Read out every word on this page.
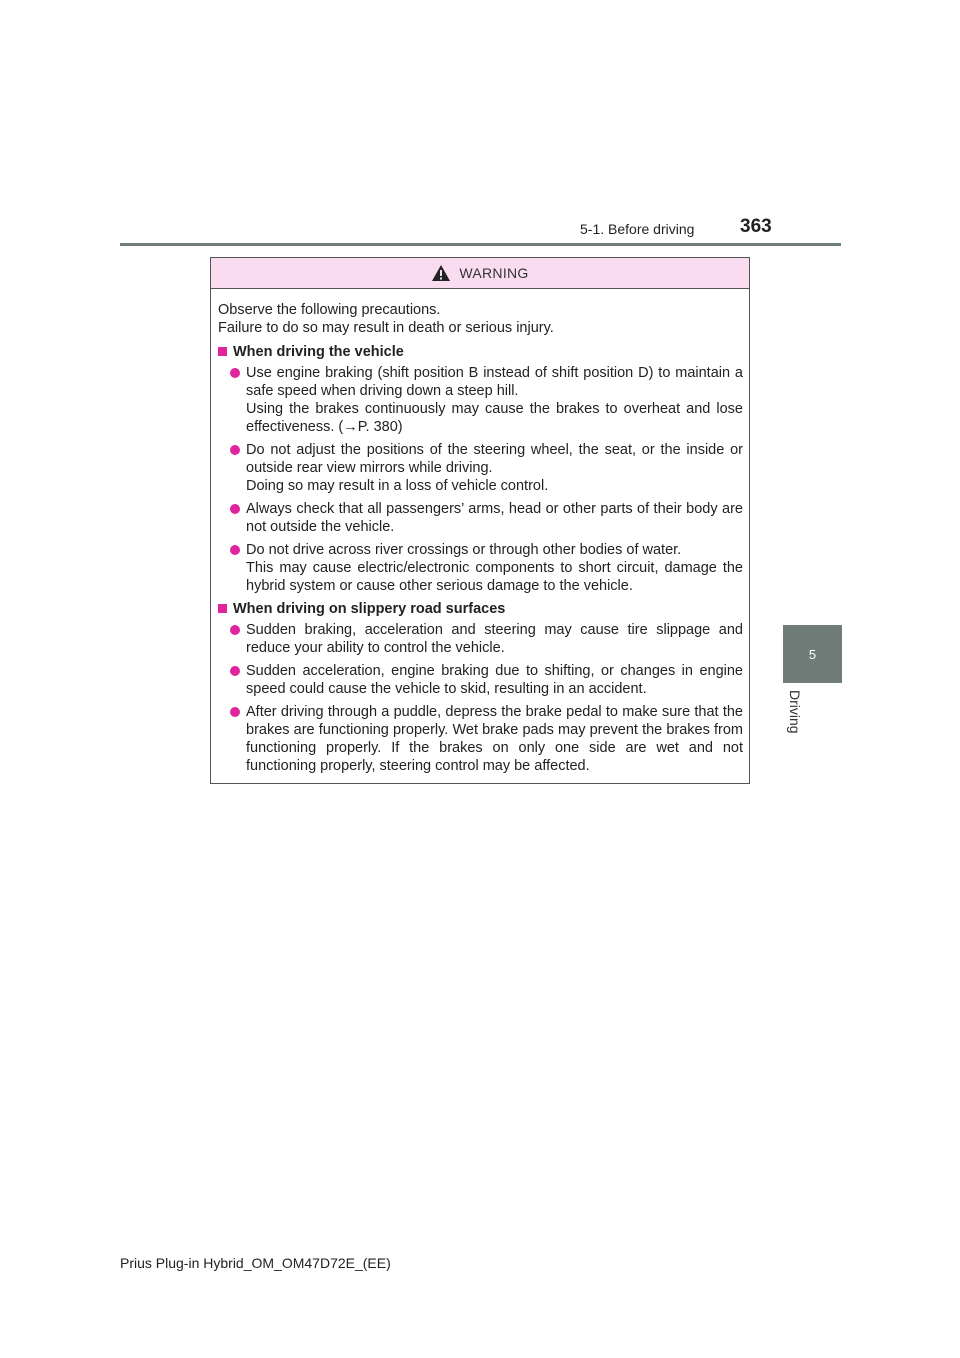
5-1. Before driving 363
5
Driving
WARNING
Observe the following precautions.
Failure to do so may result in death or serious injury.
When driving the vehicle
Use engine braking (shift position B instead of shift position D) to maintain a safe speed when driving down a steep hill.
Using the brakes continuously may cause the brakes to overheat and lose effectiveness. (→P. 380)
Do not adjust the positions of the steering wheel, the seat, or the inside or outside rear view mirrors while driving.
Doing so may result in a loss of vehicle control.
Always check that all passengers’ arms, head or other parts of their body are not outside the vehicle.
Do not drive across river crossings or through other bodies of water.
This may cause electric/electronic components to short circuit, damage the hybrid system or cause other serious damage to the vehicle.
When driving on slippery road surfaces
Sudden braking, acceleration and steering may cause tire slippage and reduce your ability to control the vehicle.
Sudden acceleration, engine braking due to shifting, or changes in engine speed could cause the vehicle to skid, resulting in an accident.
After driving through a puddle, depress the brake pedal to make sure that the brakes are functioning properly. Wet brake pads may prevent the brakes from functioning properly. If the brakes on only one side are wet and not functioning properly, steering control may be affected.
Prius Plug-in Hybrid_OM_OM47D72E_(EE)
